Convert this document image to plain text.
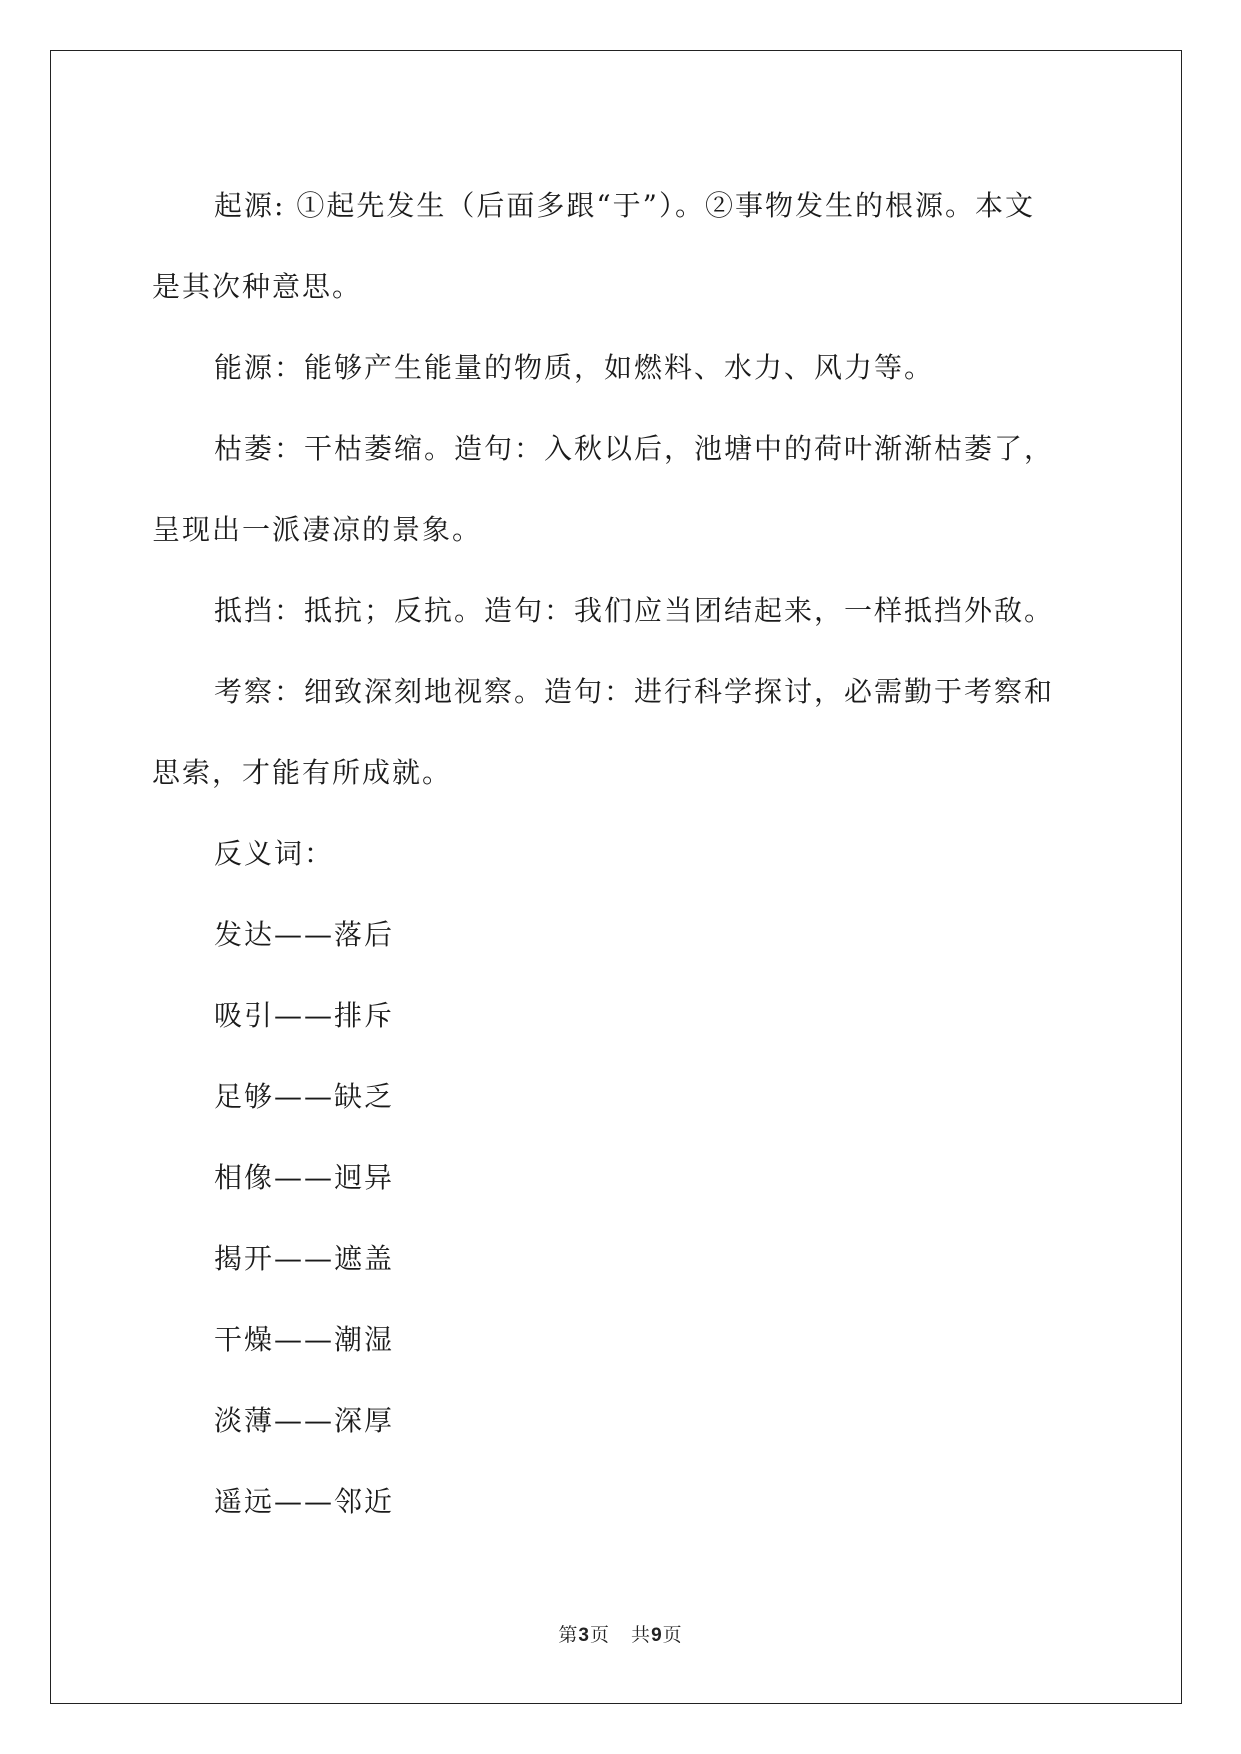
起源: ①起先发生（后面多跟“于”）。②事物发生的根源。本文
是其次种意思。
能源：能够产生能量的物质，如燃料、水力、风力等。
枯萎：干枯萎缩。造句：入秋以后，池塘中的荷叶渐渐枯萎了，
呈现出一派凄凉的景象。
抵挡：抵抗；反抗。造句：我们应当团结起来，一样抵挡外敌。
考察：细致深刻地视察。造句：进行科学探讨，必需勤于考察和
思索，才能有所成就。
反义词：
发达——落后
吸引——排斥
足够——缺乏
相像——迥异
揭开——遮盖
干燥——潮湿
淡薄——深厚
遥远——邻近
第3页   共9页
